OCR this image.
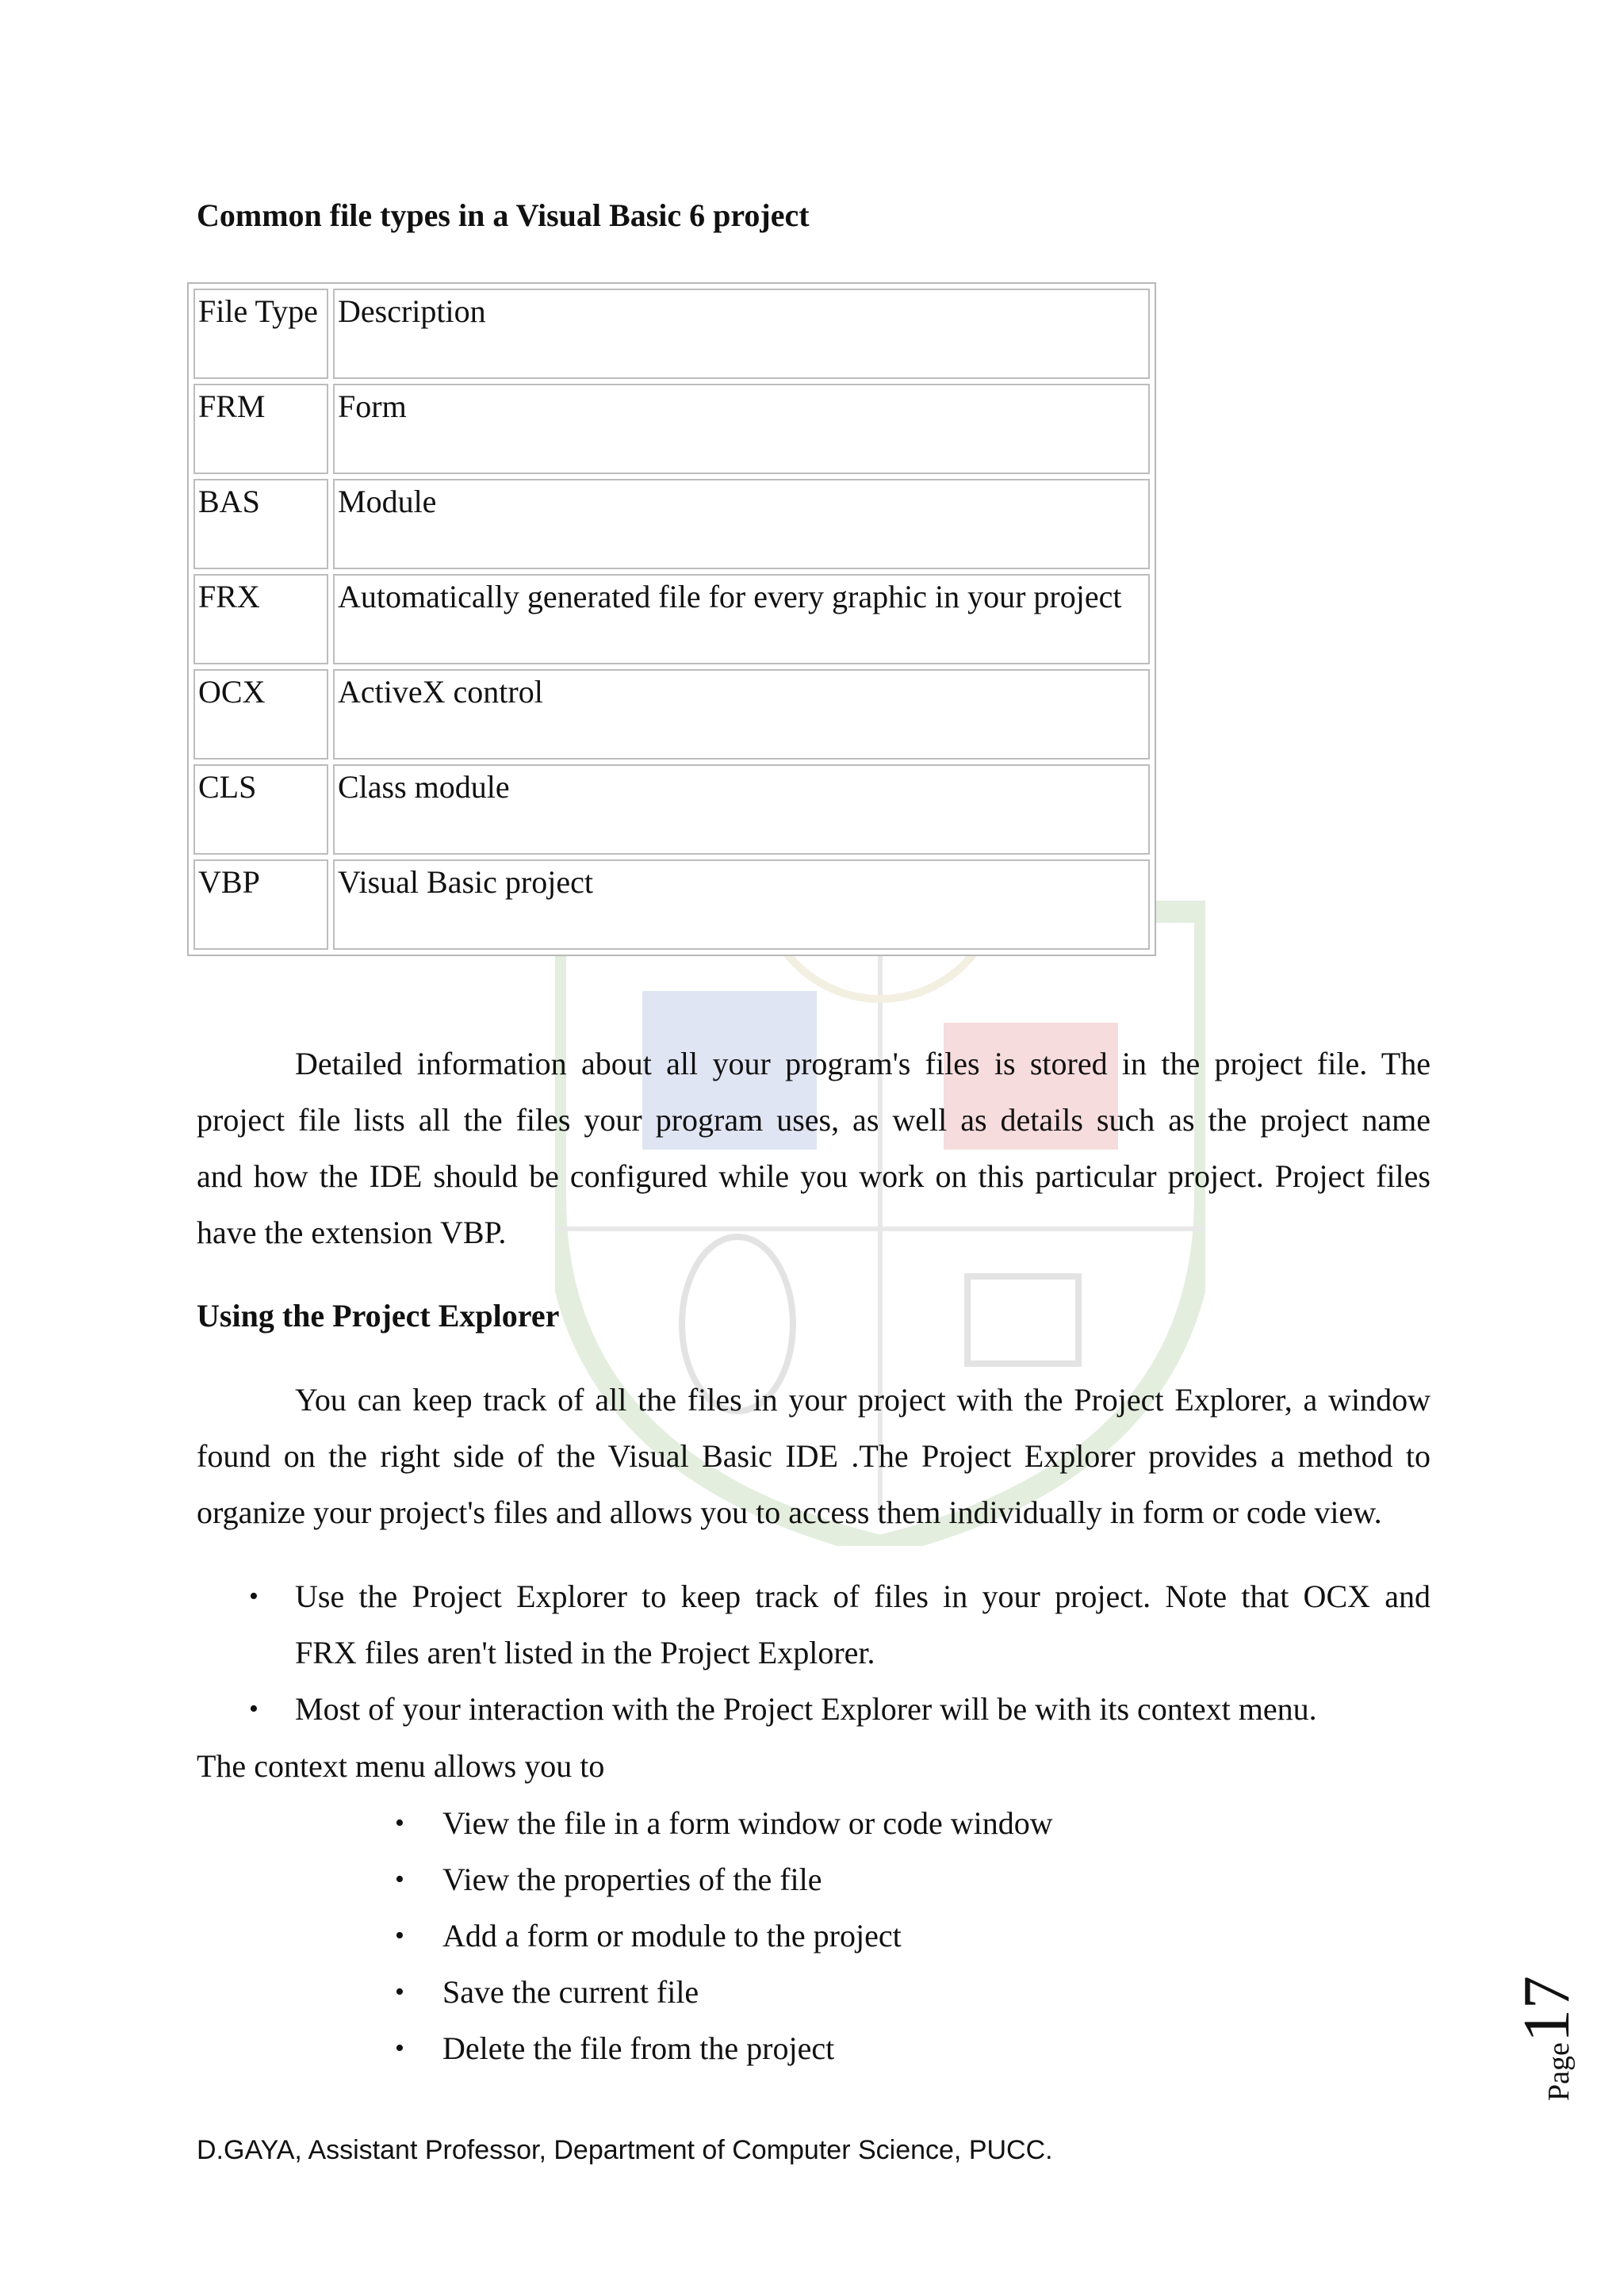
Common file types in a Visual Basic 6 project
File Type	Description
FRM	Form
BAS	Module
FRX	Automatically generated file for every graphic in your project
OCX	ActiveX control
CLS	Class module
VBP	Visual Basic project
Detailed information about all your program's files is stored in the project file. The
project file lists all the files your program uses, as well as details such as the project name
and how the IDE should be configured while you work on this particular project. Project files
have the extension VBP.
Using the Project Explorer
You can keep track of all the files in your project with the Project Explorer, a window
found on the right side of the Visual Basic IDE .The Project Explorer provides a method to
organize your project's files and allows you to access them individually in form or code view.
• Use the Project Explorer to keep track of files in your project. Note that OCX and
FRX files aren't listed in the Project Explorer.
• Most of your interaction with the Project Explorer will be with its context menu.
The context menu allows you to
• View the file in a form window or code window
• View the properties of the file
• Add a form or module to the project
• Save the current file
• Delete the file from the project	Page17
D.GAYA, Assistant Professor, Department of Computer Science, PUCC.
